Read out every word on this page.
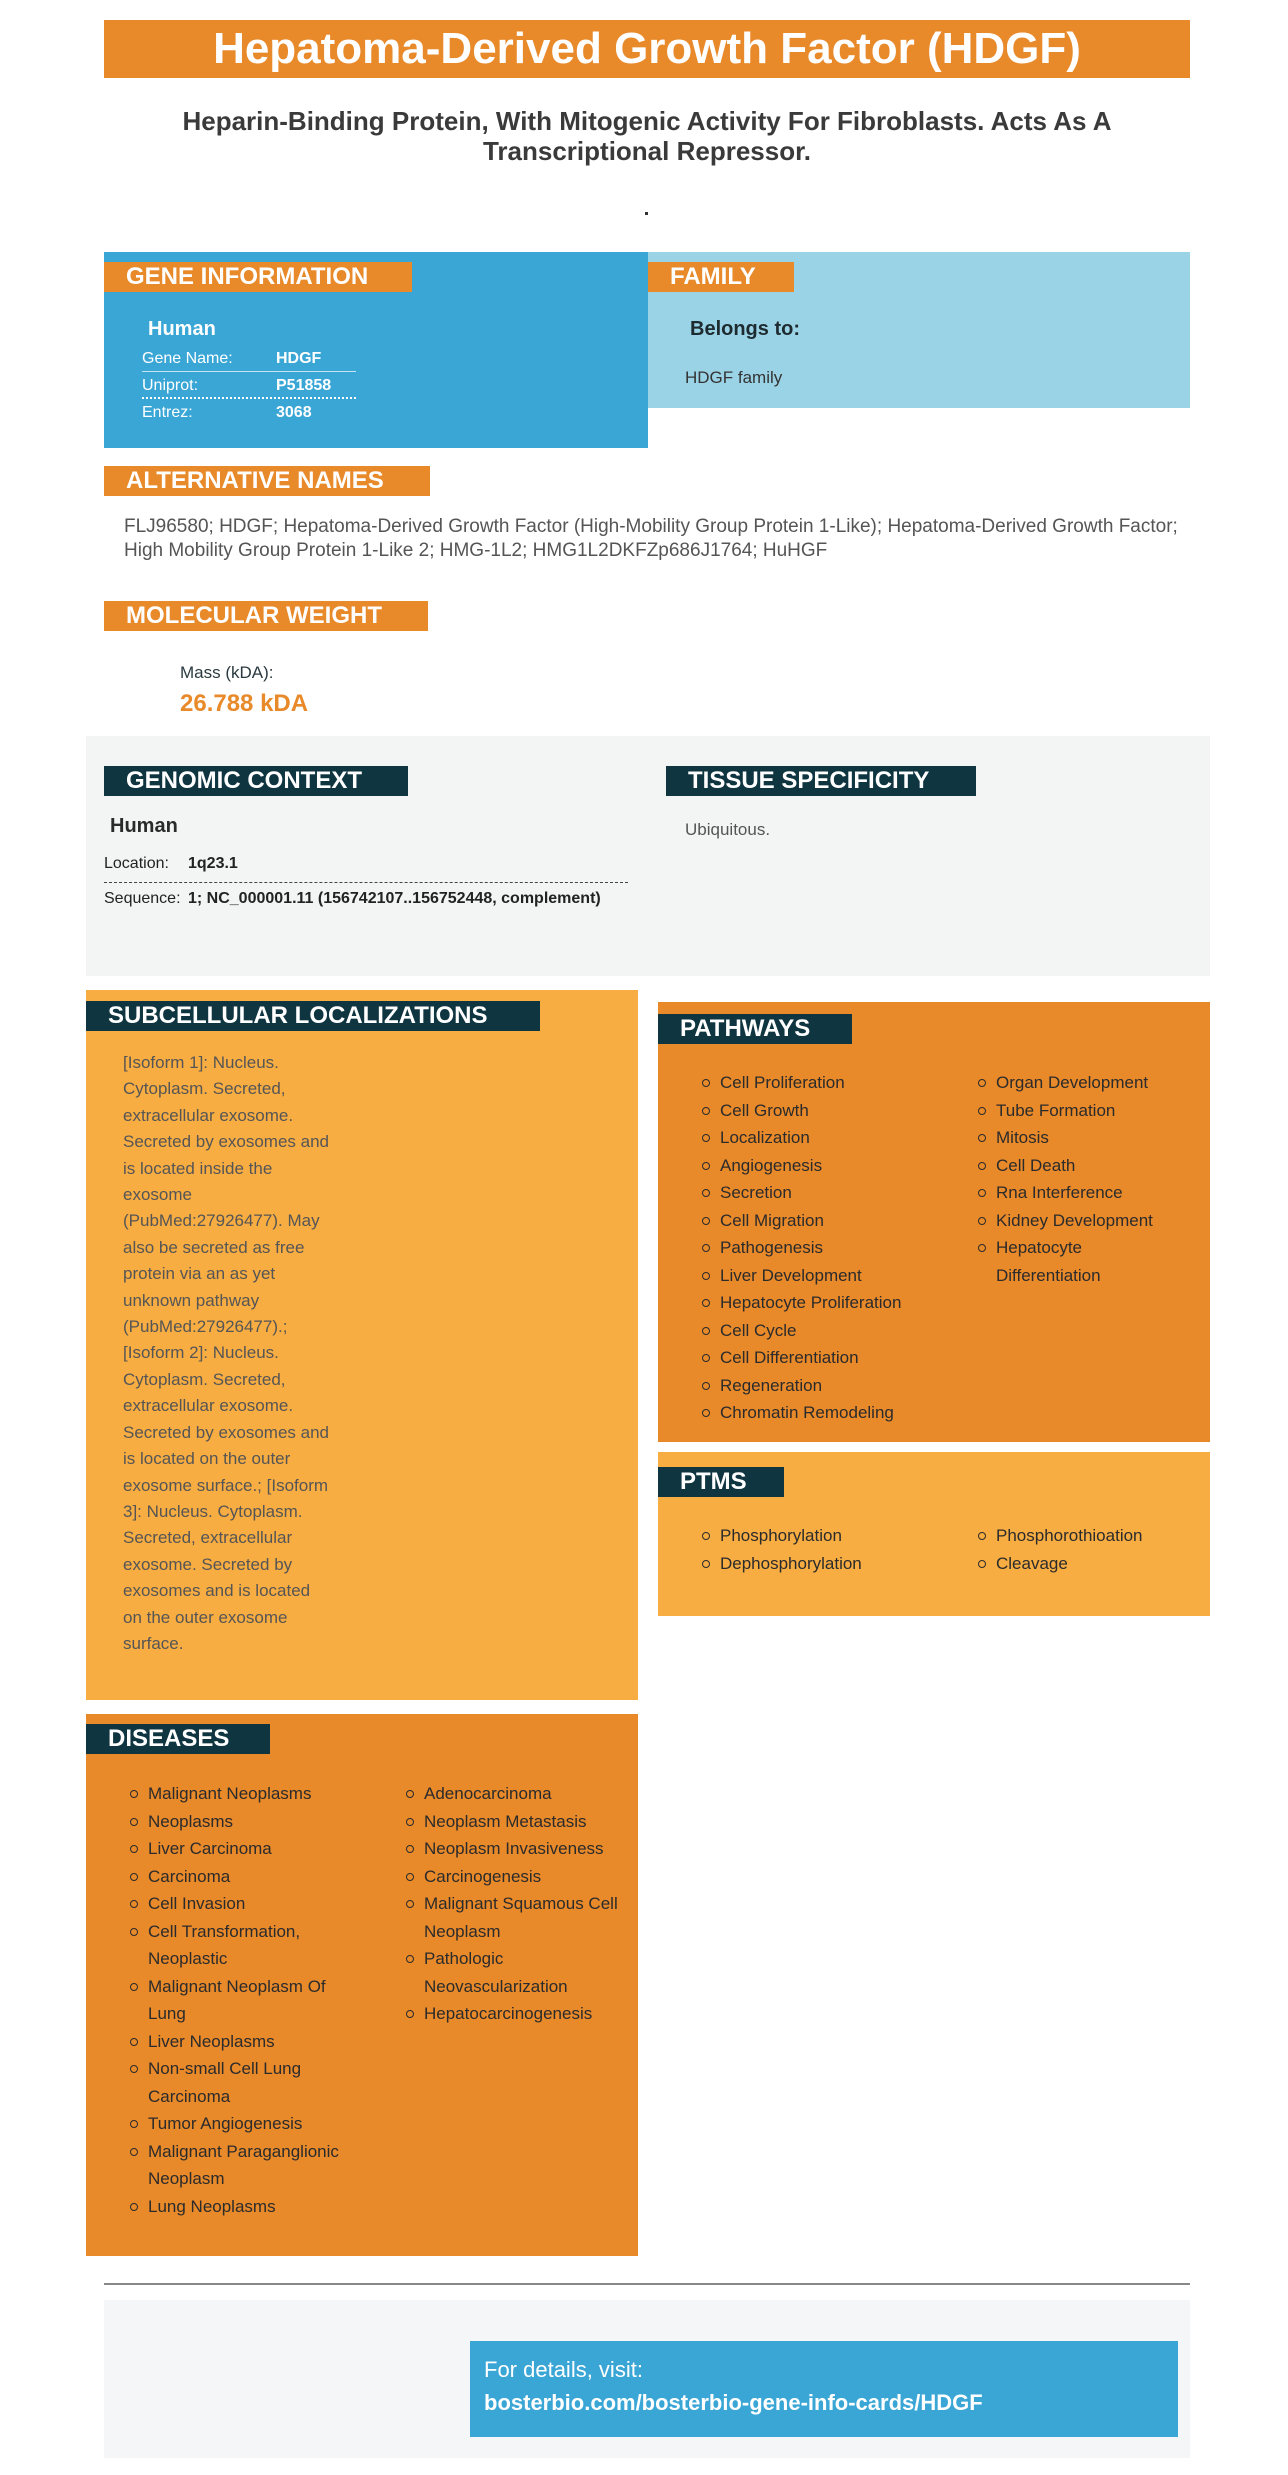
Hepatoma-Derived Growth Factor (HDGF)
Heparin-Binding Protein, With Mitogenic Activity For Fibroblasts. Acts As A Transcriptional Repressor.
GENE INFORMATION
Human
Gene Name:	HDGF
Uniprot:	P51858
Entrez:	3068
FAMILY
Belongs to:
HDGF family
ALTERNATIVE NAMES
FLJ96580; HDGF; Hepatoma-Derived Growth Factor (High-Mobility Group Protein 1-Like); Hepatoma-Derived Growth Factor; High Mobility Group Protein 1-Like 2; HMG-1L2; HMG1L2DKFZp686J1764; HuHGF
MOLECULAR WEIGHT
Mass (kDA):
26.788 kDA
GENOMIC CONTEXT
Human
Location: 1q23.1
Sequence: 1; NC_000001.11 (156742107..156752448, complement)
TISSUE SPECIFICITY
Ubiquitous.
SUBCELLULAR LOCALIZATIONS
[Isoform 1]: Nucleus. Cytoplasm. Secreted, extracellular exosome. Secreted by exosomes and is located inside the exosome (PubMed:27926477). May also be secreted as free protein via an as yet unknown pathway (PubMed:27926477).; [Isoform 2]: Nucleus. Cytoplasm. Secreted, extracellular exosome. Secreted by exosomes and is located on the outer exosome surface.; [Isoform 3]: Nucleus. Cytoplasm. Secreted, extracellular exosome. Secreted by exosomes and is located on the outer exosome surface.
PATHWAYS
Cell Proliferation
Cell Growth
Localization
Angiogenesis
Secretion
Cell Migration
Pathogenesis
Liver Development
Hepatocyte Proliferation
Cell Cycle
Cell Differentiation
Regeneration
Chromatin Remodeling
Organ Development
Tube Formation
Mitosis
Cell Death
Rna Interference
Kidney Development
Hepatocyte Differentiation
PTMS
Phosphorylation
Dephosphorylation
Phosphorothioation
Cleavage
DISEASES
Malignant Neoplasms
Neoplasms
Liver Carcinoma
Carcinoma
Cell Invasion
Cell Transformation, Neoplastic
Malignant Neoplasm Of Lung
Liver Neoplasms
Non-small Cell Lung Carcinoma
Tumor Angiogenesis
Malignant Paraganglionic Neoplasm
Lung Neoplasms
Adenocarcinoma
Neoplasm Metastasis
Neoplasm Invasiveness
Carcinogenesis
Malignant Squamous Cell Neoplasm
Pathologic Neovascularization
Hepatocarcinogenesis
For details, visit:
bosterbio.com/bosterbio-gene-info-cards/HDGF
